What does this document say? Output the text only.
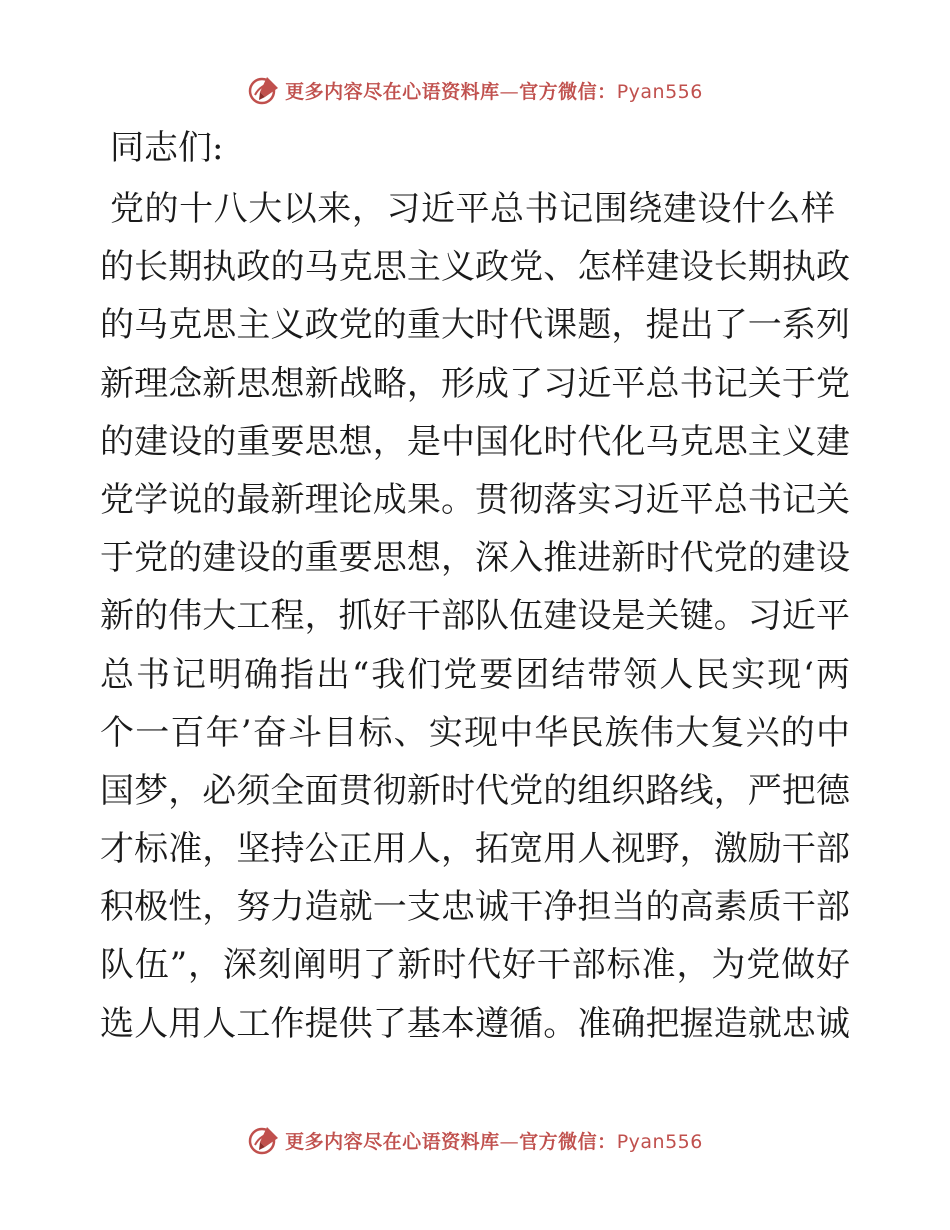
更多内容尽在心语资料库—官方微信：Pyan556

同志们:

党的十八大以来，习近平总书记围绕建设什么样
的长期执政的马克思主义政党、怎样建设长期执政
的马克思主义政党的重大时代课题，提出了一系列
新理念新思想新战略，形成了习近平总书记关于党
的建设的重要思想，是中国化时代化马克思主义建
党学说的最新理论成果。贯彻落实习近平总书记关
于党的建设的重要思想，深入推进新时代党的建设
新的伟大工程，抓好干部队伍建设是关键。习近平
总书记明确指出“我们党要团结带领人民实现‘两
个一百年’奋斗目标、实现中华民族伟大复兴的中
国梦，必须全面贯彻新时代党的组织路线，严把德
才标准，坚持公正用人，拓宽用人视野，激励干部
积极性，努力造就一支忠诚干净担当的高素质干部
队伍”，深刻阐明了新时代好干部标准，为党做好
选人用人工作提供了基本遵循。准确把握造就忠诚
更多内容尽在心语资料库—官方微信：Pyan556
